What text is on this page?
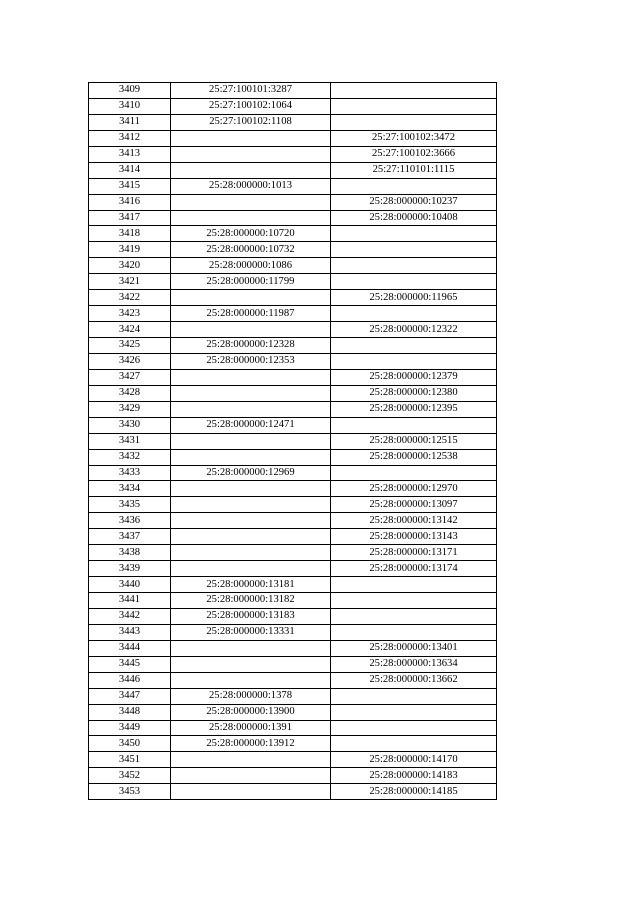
3409	25:27:100101:3287	
3410	25:27:100102:1064	
3411	25:27:100102:1108	
3412		25:27:100102:3472
3413		25:27:100102:3666
3414		25:27:110101:1115
3415	25:28:000000:1013	
3416		25:28:000000:10237
3417		25:28:000000:10408
3418	25:28:000000:10720	
3419	25:28:000000:10732	
3420	25:28:000000:1086	
3421	25:28:000000:11799	
3422		25:28:000000:11965
3423	25:28:000000:11987	
3424		25:28:000000:12322
3425	25:28:000000:12328	
3426	25:28:000000:12353	
3427		25:28:000000:12379
3428		25:28:000000:12380
3429		25:28:000000:12395
3430	25:28:000000:12471	
3431		25:28:000000:12515
3432		25:28:000000:12538
3433	25:28:000000:12969	
3434		25:28:000000:12970
3435		25:28:000000:13097
3436		25:28:000000:13142
3437		25:28:000000:13143
3438		25:28:000000:13171
3439		25:28:000000:13174
3440	25:28:000000:13181	
3441	25:28:000000:13182	
3442	25:28:000000:13183	
3443	25:28:000000:13331	
3444		25:28:000000:13401
3445		25:28:000000:13634
3446		25:28:000000:13662
3447	25:28:000000:1378	
3448	25:28:000000:13900	
3449	25:28:000000:1391	
3450	25:28:000000:13912	
3451		25:28:000000:14170
3452		25:28:000000:14183
3453		25:28:000000:14185
